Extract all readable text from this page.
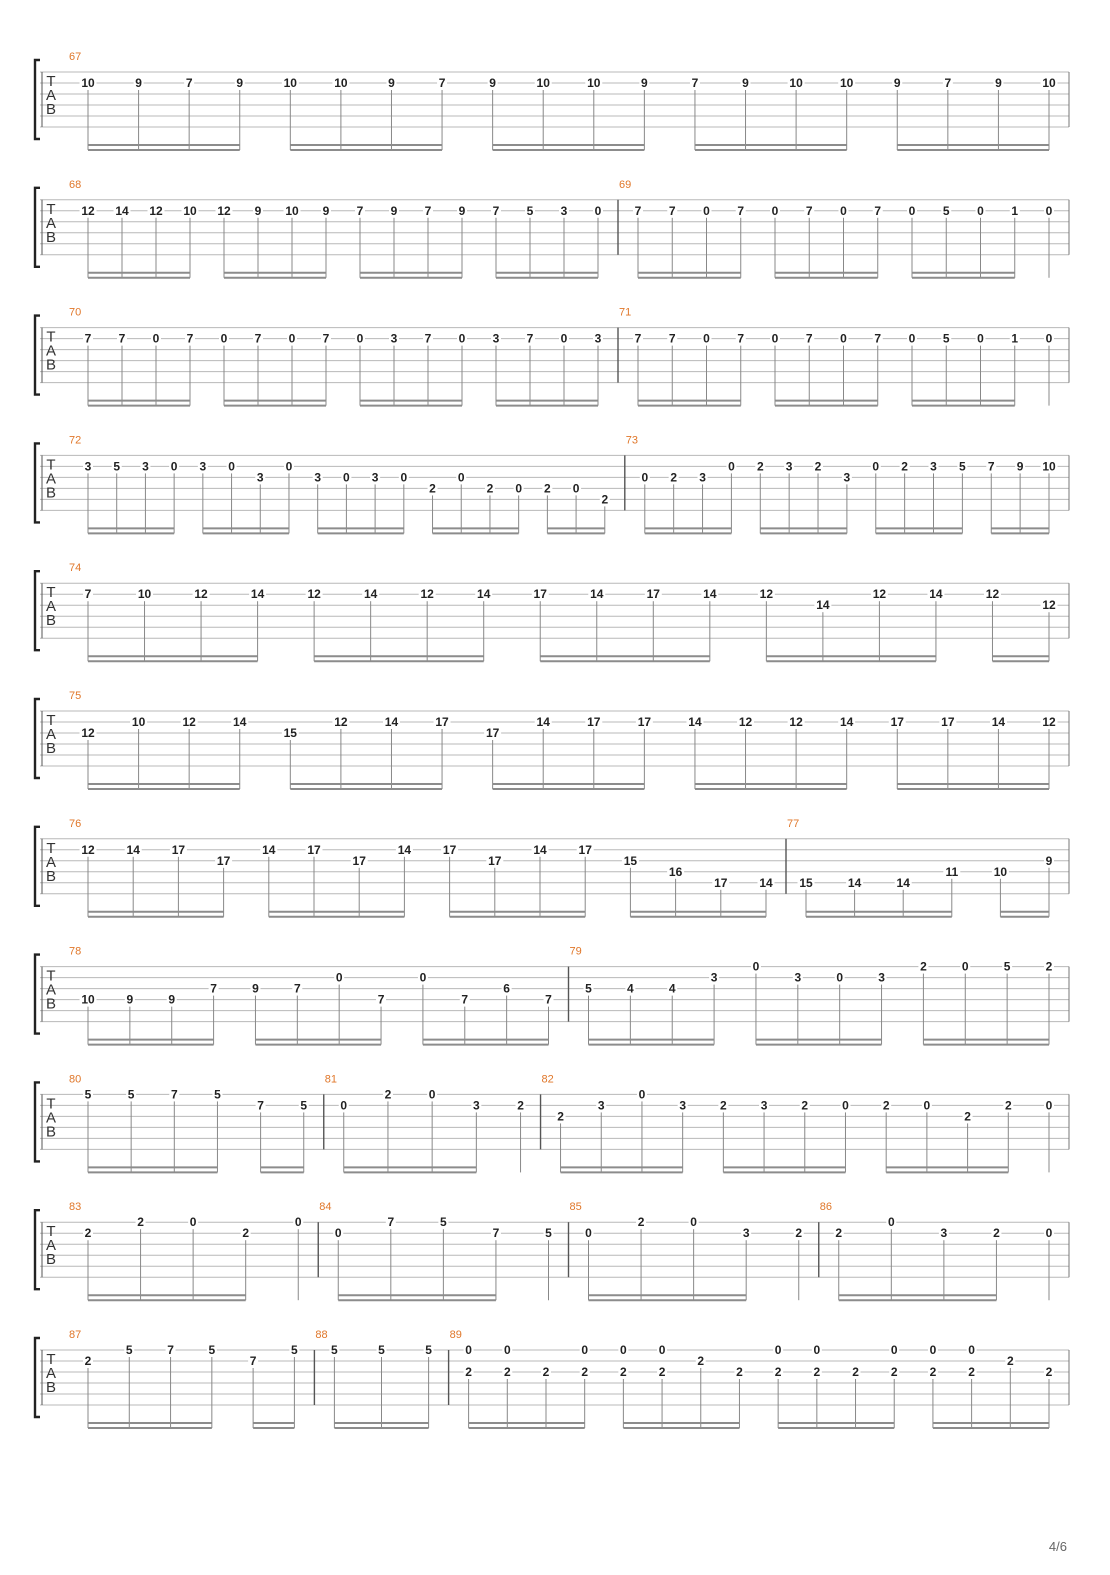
T
A
B
67
10	9	7	9	10	10	9	7	9	10	10	9	7	9	10	10	9	7	9	10
T
A
B
68
12 14 12 10 12 9 10 9 7 9 7 9 7 5 3 0
69
7 7 0 7 0 7 0 7 0 5 0 1 0
T
A
B
70
7 7 0 7 0 7 0 7 0 3 7 0 3 7 0 3
71
7 7 0 7 0 7 0 7 0 5 0 1 0
T
A
B
72
3 5 3 0 3 0
3
0
3 0 3 0
2
0
2 0 2 0
2
73
0 2 3
0 2 3 2
3
0 2 3 5 7 9 10
T
A
B
74
7	10	12	14	12	14	12	14	17	14	17	14	12
14
12	14	12
12
T
A
B
75
12
10	12	14
15
12	14	17
17
14	17	17	14	12	12	14	17	17	14	12
T
A
B
76
12	14	17
17
14	17
17
14	17
17
14	17
15
16
17	14
77
15	14	14
11	10
9
T
A
B
78
10	9	9
7	9	7
0
7
0
7
6
7
79
5	4	4
3
0
3	0	3
2	0	5	2
T
A
B
80
5	5	7	5
7	5
81
0
2	0
3	2
82
2
3
0
3	2	3	2	0	2	0
2
2	0
T
A
B
83
2
2	0
2
0
84
0
7	5
7	5
85
0
2	0
3	2
86
2
0
3	2	0
T
A
B
87
2
5	7	5
7
5
88
5	5	5
89
0
2
0
2	2
0
2
0
2
0
2
2
2
0
2
0
2	2
0
2
0
2
0
2
2
2
4/6
